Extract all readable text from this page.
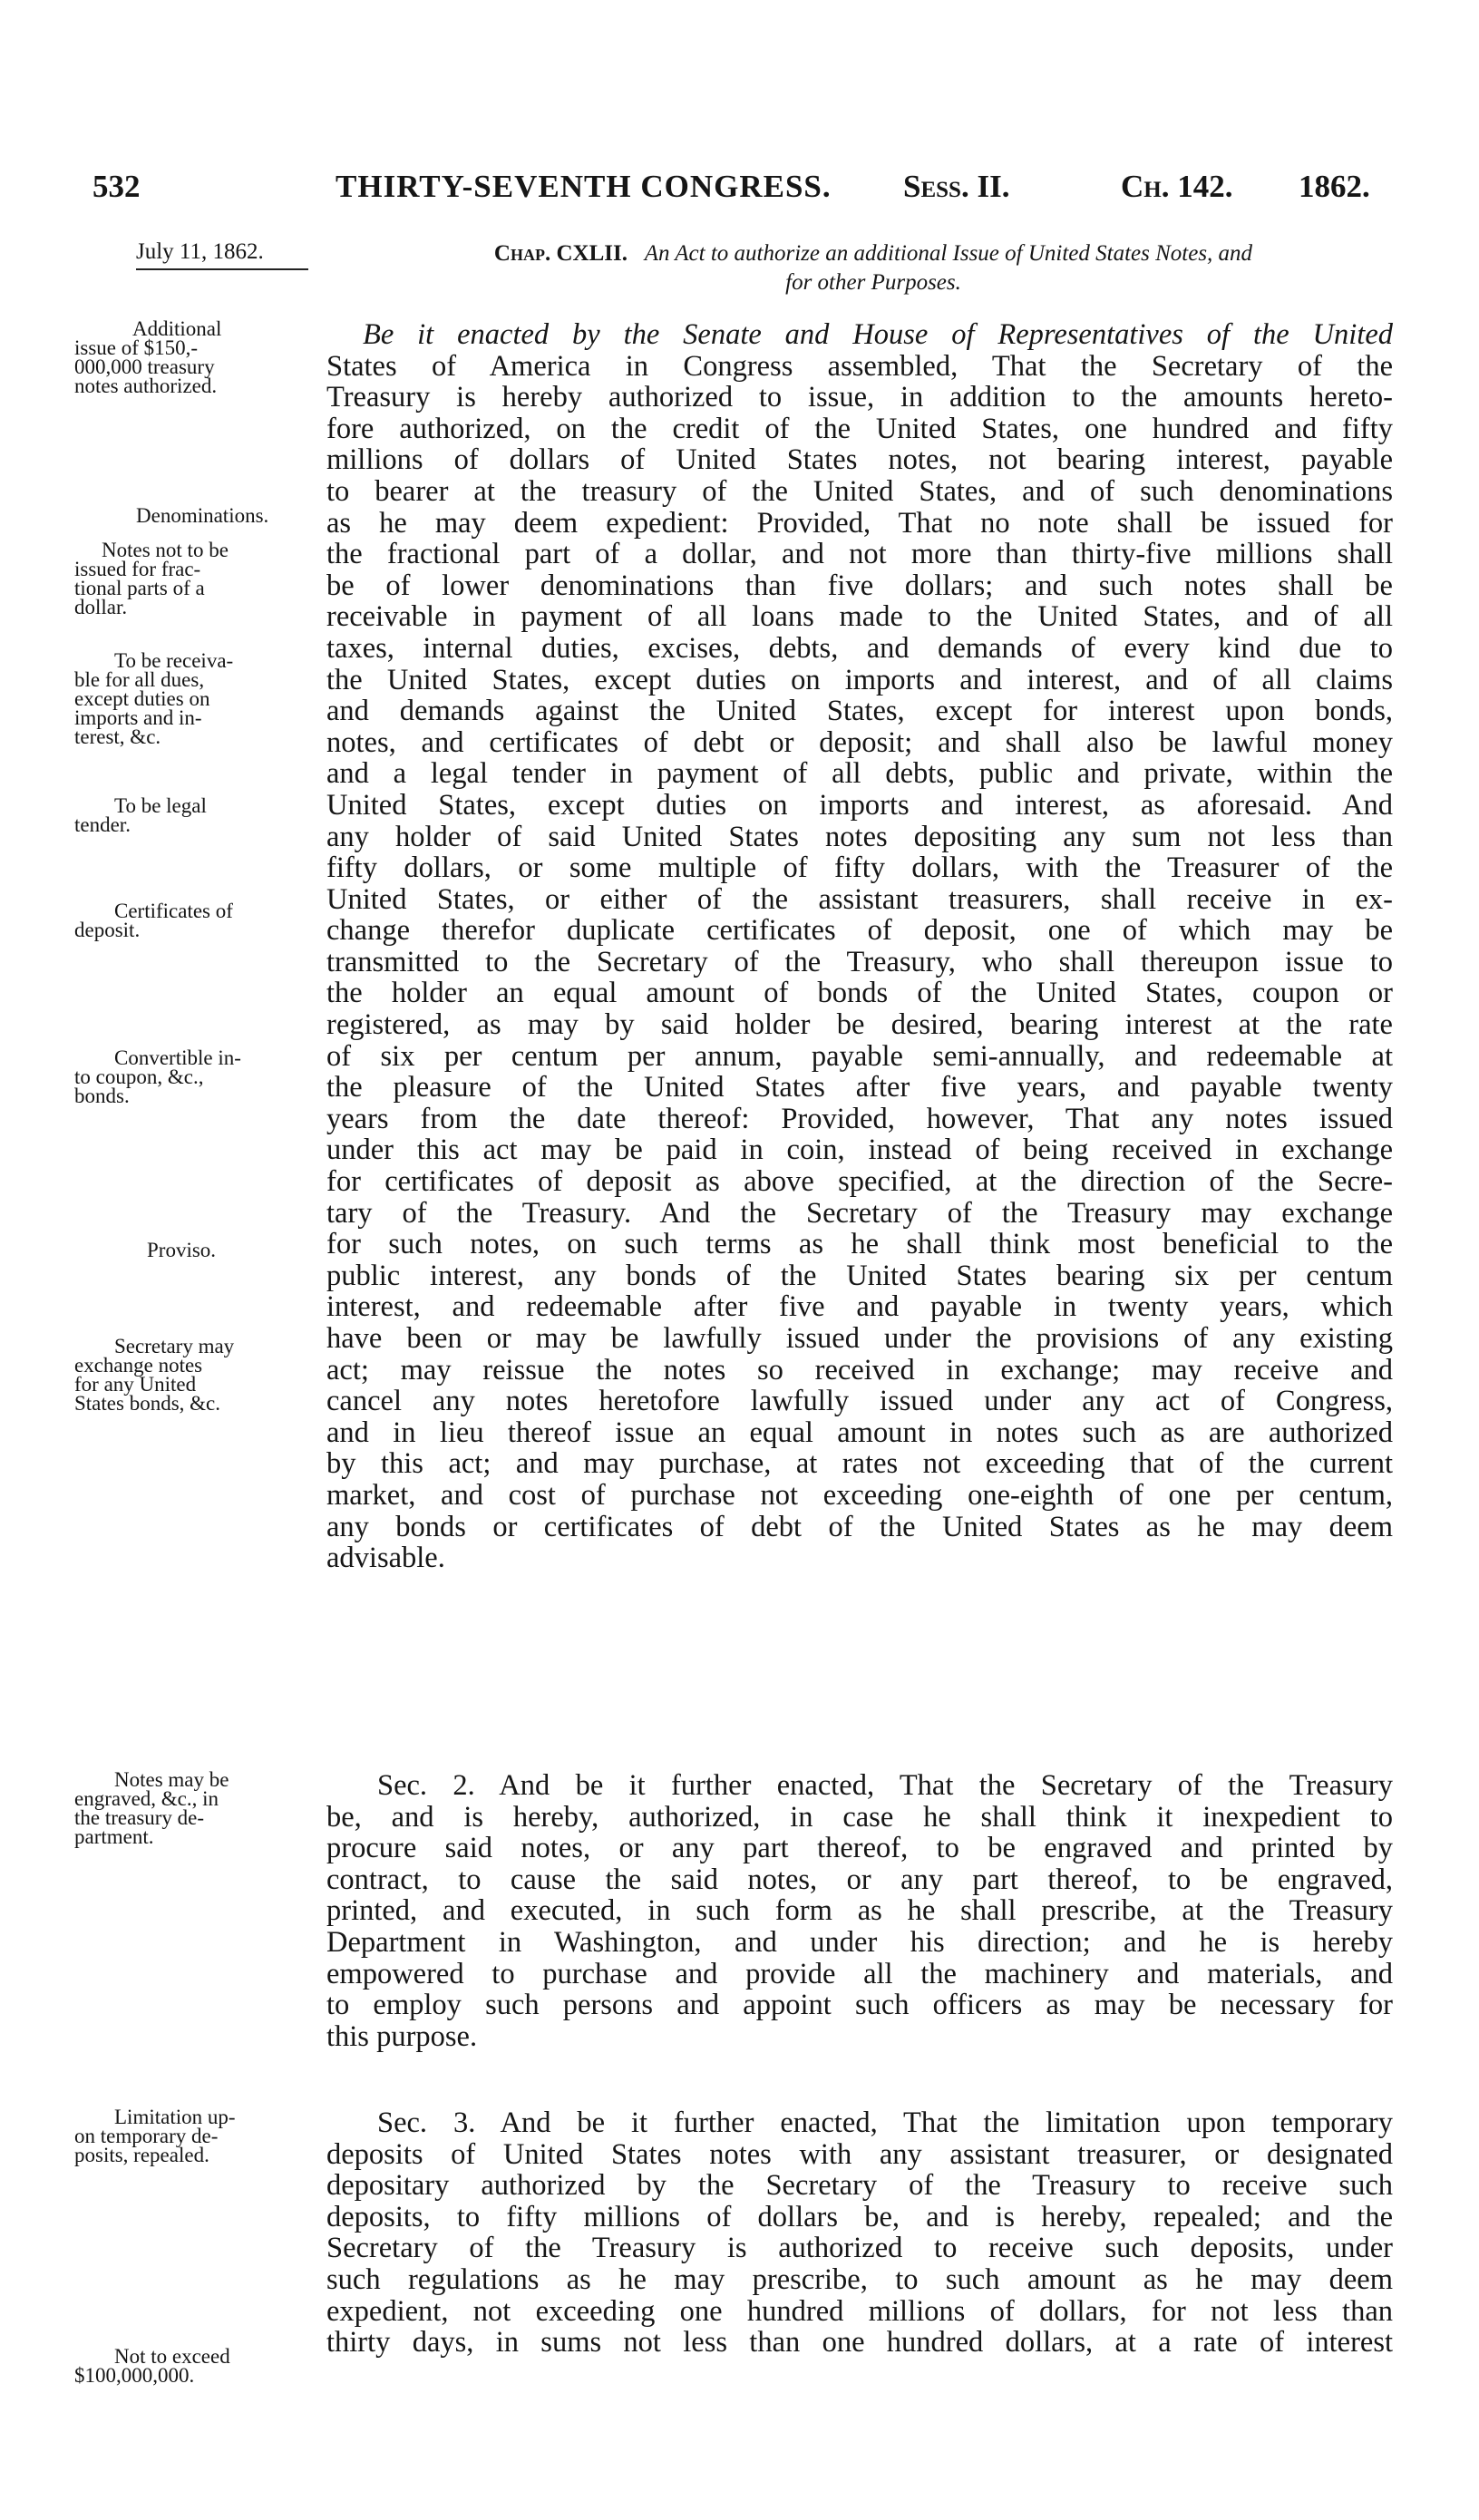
532	THIRTY-SEVENTH CONGRESS. Sess. II.	Ch. 142. 1862.
July 11, 1862.	Chap. CXLII. An Act to authorize an additional Issue of United States Notes, and
for other Purposes.
Additional
issue of $150,-
000,000 treasury
notes authorized.
Denominations.
Notes not to be
issued for frac-
tional parts of a
dollar.
To be receiva-
ble for all dues,
except duties on
imports and in-
terest, &c.
To be legal
tender.
Certificates of
deposit.
Convertible in-
to coupon, &c.,
bonds.
Proviso.
Secretary may
exchange notes
for any United
States bonds, &c.
Notes may be
engraved, &c., in
the treasury de-
partment.
Limitation up-
on temporary de-
posits, repealed.
Not to exceed
$100,000,000.
Be it enacted by the Senate and House of Representatives of the United
States of America in Congress assembled, That the Secretary of the
Treasury is hereby authorized to issue, in addition to the amounts hereto-
fore authorized, on the credit of the United States, one hundred and fifty
millions of dollars of United States notes, not bearing interest, payable
to bearer at the treasury of the United States, and of such denominations
as he may deem expedient: Provided, That no note shall be issued for
the fractional part of a dollar, and not more than thirty-five millions shall
be of lower denominations than five dollars; and such notes shall be
receivable in payment of all loans made to the United States, and of all
taxes, internal duties, excises, debts, and demands of every kind due to
the United States, except duties on imports and interest, and of all claims
and demands against the United States, except for interest upon bonds,
notes, and certificates of debt or deposit; and shall also be lawful money
and a legal tender in payment of all debts, public and private, within the
United States, except duties on imports and interest, as aforesaid. And
any holder of said United States notes depositing any sum not less than
fifty dollars, or some multiple of fifty dollars, with the Treasurer of the
United States, or either of the assistant treasurers, shall receive in ex-
change therefor duplicate certificates of deposit, one of which may be
transmitted to the Secretary of the Treasury, who shall thereupon issue to
the holder an equal amount of bonds of the United States, coupon or
registered, as may by said holder be desired, bearing interest at the rate
of six per centum per annum, payable semi-annually, and redeemable at
the pleasure of the United States after five years, and payable twenty
years from the date thereof: Provided, however, That any notes issued
under this act may be paid in coin, instead of being received in exchange
for certificates of deposit as above specified, at the direction of the Secre-
tary of the Treasury. And the Secretary of the Treasury may exchange
for such notes, on such terms as he shall think most beneficial to the
public interest, any bonds of the United States bearing six per centum
interest, and redeemable after five and payable in twenty years, which
have been or may be lawfully issued under the provisions of any existing
act; may reissue the notes so received in exchange; may receive and
cancel any notes heretofore lawfully issued under any act of Congress,
and in lieu thereof issue an equal amount in notes such as are authorized
by this act; and may purchase, at rates not exceeding that of the current
market, and cost of purchase not exceeding one-eighth of one per centum,
any bonds or certificates of debt of the United States as he may deem
advisable.
Sec. 2. And be it further enacted, That the Secretary of the Treasury
be, and is hereby, authorized, in case he shall think it inexpedient to
procure said notes, or any part thereof, to be engraved and printed by
contract, to cause the said notes, or any part thereof, to be engraved,
printed, and executed, in such form as he shall prescribe, at the Treasury
Department in Washington, and under his direction; and he is hereby
empowered to purchase and provide all the machinery and materials, and
to employ such persons and appoint such officers as may be necessary for
this purpose.
Sec. 3. And be it further enacted, That the limitation upon temporary
deposits of United States notes with any assistant treasurer, or designated
depositary authorized by the Secretary of the Treasury to receive such
deposits, to fifty millions of dollars be, and is hereby, repealed; and the
Secretary of the Treasury is authorized to receive such deposits, under
such regulations as he may prescribe, to such amount as he may deem
expedient, not exceeding one hundred millions of dollars, for not less than
thirty days, in sums not less than one hundred dollars, at a rate of interest
